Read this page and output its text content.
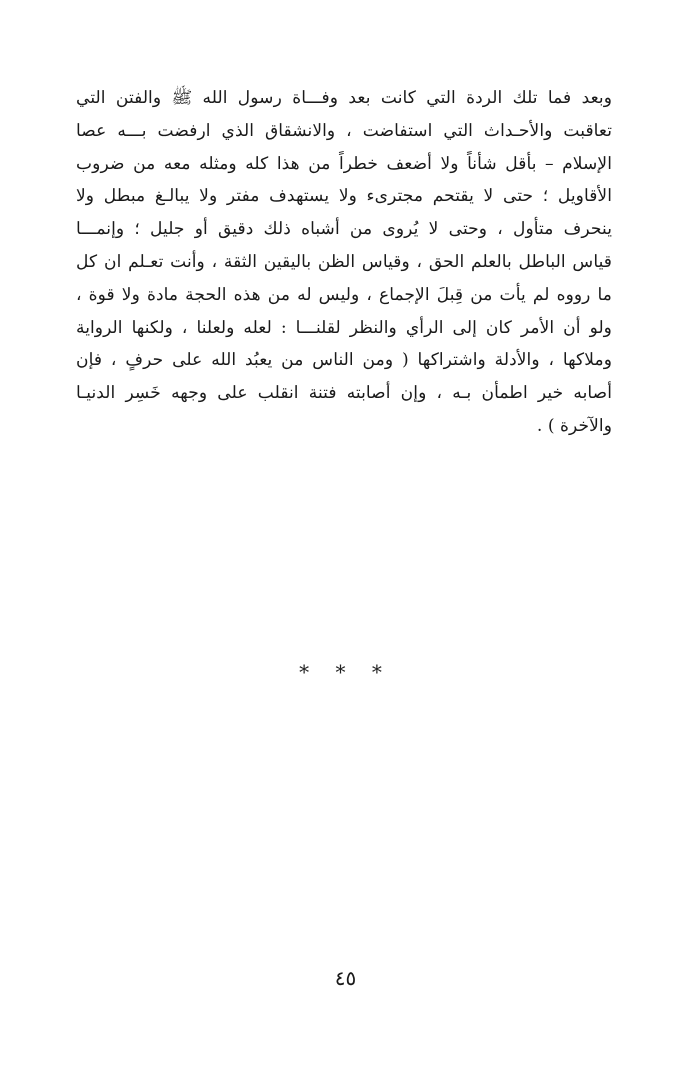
وبعد فما تلك الردة التي كانت بعد وفـــاة رسول الله ﷺ والفتن التي
تعاقبت والأحـداث التي استفاضت ، والانشقاق الذي ارفضت بـــه عصا
الإسلام – بأقل شأناً ولا أضعف خطراً من هذا كله ومثله معه من ضروب
الأقاويل ؛ حتى لا يقتحم مجترىء ولا يستهدف مفتر ولا يبالـغ مبطل ولا
ينحرف متأول ، وحتى لا يُروى من أشباه ذلك دقيق أو جليل ؛ وإنمـــا
قياس الباطل بالعلم الحق ، وقياس الظن باليقين الثقة ، وأنت تعـلم ان كل
ما رووه لم يأت من قِبلَ الإجماع ، وليس له من هذه الحجة مادة ولا قوة ،
ولو أن الأمر كان إلى الرأي والنظر لقلنـــا : لعله ولعلنا ، ولكنها الرواية
وملاكها ، والأدلة واشتراكها ( ومن الناس من يعبُد الله على حرفٍ ، فإن
أصابه خير اطمأن بـه ، وإن أصابته فتنة انقلب على وجهه خَسِر الدنيـا
والآخرة ) .
* * *
٤٥
